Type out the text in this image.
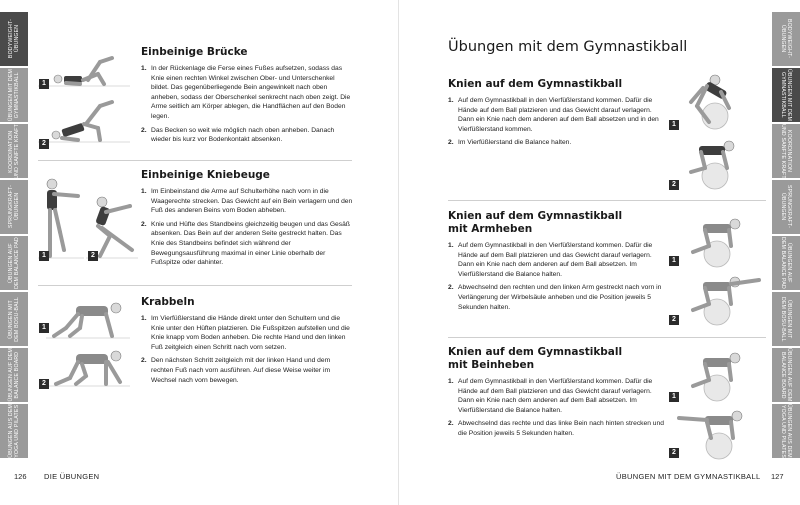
BODYWEIGHT-
ÜBUNGEN
ÜBUNGEN MIT DEM
GYMNASTIKBALL
KOORDINATION
UND SANFTE KRAFT
SPRUNGKRAFT-
ÜBUNGEN
ÜBUNGEN AUF
DEM BALANCE PAD
ÜBUNGEN MIT
DEM BOSU-BALL
ÜBUNGEN AUF DEM
BALANCE BOARD
ÜBUNGEN AUS DEM
YOGA UND PILATES
1
2
Einbeinige Brücke
1. In der Rückenlage die Ferse eines Fußes aufsetzen, sodass das Knie einen rechten Winkel zwischen Ober- und Unterschenkel bildet. Das gegenüberliegende Bein angewinkelt nach oben anheben, sodass der Oberschenkel senkrecht nach oben zeigt. Die Arme seitlich am Körper ablegen, die Handflächen auf den Boden legen.
2. Das Becken so weit wie möglich nach oben anheben. Danach wieder bis kurz vor Bodenkontakt absenken.
1	2
Einbeinige Kniebeuge
1. Im Einbeinstand die Arme auf Schulterhöhe nach vorn in die Waagerechte strecken. Das Gewicht auf ein Bein verlagern und den Fuß des anderen Beins vom Boden abheben.
2. Knie und Hüfte des Standbeins gleichzeitig beugen und das Gesäß absenken. Das Bein auf der anderen Seite gestreckt halten. Das Knie des Standbeins befindet sich während der Bewegungsausführung maximal in einer Linie oberhalb der Fußspitze oder dahinter.
1
2
Krabbeln
1. Im Vierfüßlerstand die Hände direkt unter den Schultern und die Knie unter den Hüften platzieren. Die Fußspitzen aufstellen und die Knie knapp vom Boden anheben. Die rechte Hand und den linken Fuß zeitgleich einen Schritt nach vorn setzen.
2. Den nächsten Schritt zeitgleich mit der linken Hand und dem rechten Fuß nach vorn ausführen. Auf diese Weise weiter im Wechsel nach vorn bewegen.
126 DIE ÜBUNGEN
Übungen mit dem Gymnastikball
Knien auf dem Gymnastikball
1. Auf dem Gymnastikball in den Vierfüßlerstand kommen. Dafür die Hände auf dem Ball platzieren und das Gewicht darauf verlagern. Dann ein Knie nach dem anderen auf dem Ball absetzen und in den Vierfüßlerstand kommen.
2. Im Vierfüßlerstand die Balance halten.
1
2
Knien auf dem Gymnastikball
mit Armheben
1. Auf dem Gymnastikball in den Vierfüßlerstand kommen. Dafür die Hände auf dem Ball platzieren und das Gewicht darauf verlagern. Dann ein Knie nach dem anderen auf dem Ball absetzen. Im Vierfüßlerstand die Balance halten.
2. Abwechselnd den rechten und den linken Arm gestreckt nach vorn in Verlängerung der Wirbelsäule anheben und die Position jeweils 5 Sekunden halten.
1
2
Knien auf dem Gymnastikball
mit Beinheben
1. Auf dem Gymnastikball in den Vierfüßlerstand kommen. Dafür die Hände auf dem Ball platzieren und das Gewicht darauf verlagern. Dann ein Knie nach dem anderen auf dem Ball absetzen. Im Vierfüßlerstand die Balance halten.
2. Abwechselnd das rechte und das linke Bein nach hinten strecken und die Position jeweils 5 Sekunden halten.
1
2
BODYWEIGHT-
ÜBUNGEN
ÜBUNGEN MIT DEM
GYMNASTIKBALL
KOORDINATION
UND SANFTE KRAFT
SPRUNGKRAFT-
ÜBUNGEN
ÜBUNGEN AUF
DEM BALANCE PAD
ÜBUNGEN MIT
DEM BOSU-BALL
ÜBUNGEN AUF DEM
BALANCE BOARD
ÜBUNGEN AUS DEM
YOGA UND PILATES
ÜBUNGEN MIT DEM GYMNASTIKBALL 127
